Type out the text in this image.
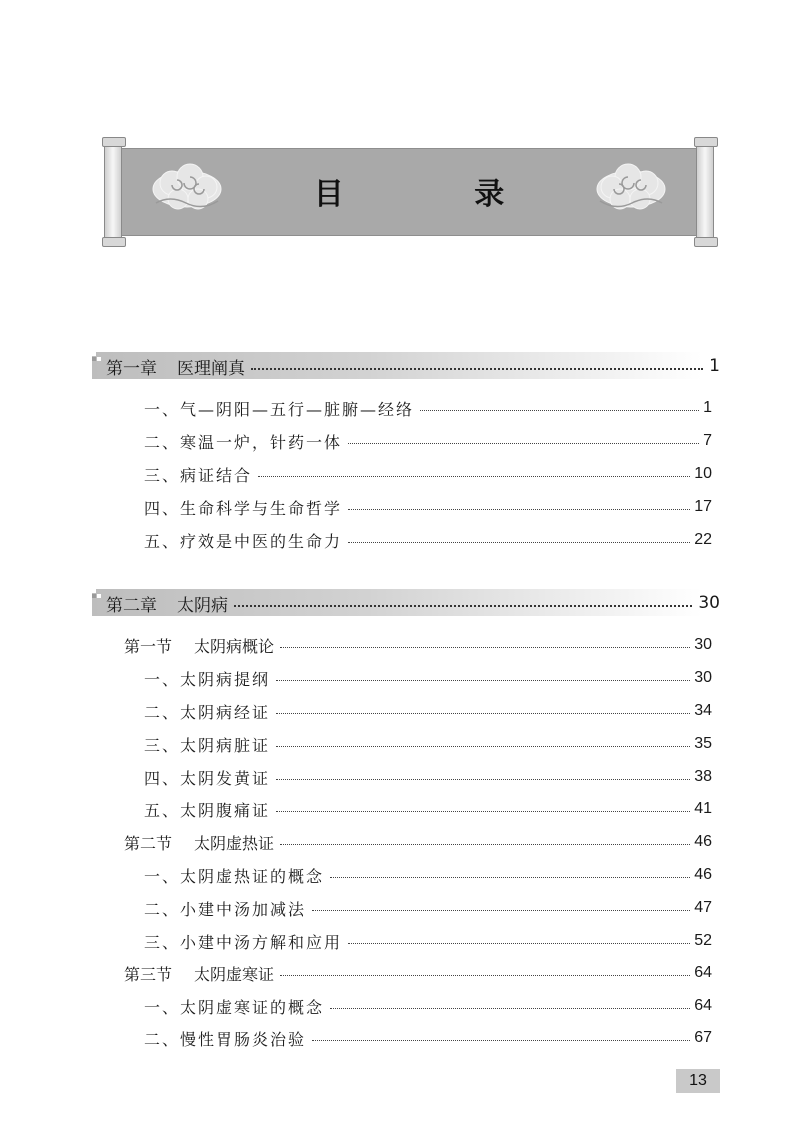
目 录
第一章 医理阐真	1
一、气—阴阳—五行—脏腑—经络	1
二、寒温一炉，针药一体	7
三、病证结合	10
四、生命科学与生命哲学	17
五、疗效是中医的生命力	22
第二章 太阴病	30
第一节 太阴病概论	30
一、太阴病提纲	30
二、太阴病经证	34
三、太阴病脏证	35
四、太阴发黄证	38
五、太阴腹痛证	41
第二节 太阴虚热证	46
一、太阴虚热证的概念	46
二、小建中汤加减法	47
三、小建中汤方解和应用	52
第三节 太阴虚寒证	64
一、太阴虚寒证的概念	64
二、慢性胃肠炎治验	67
13
